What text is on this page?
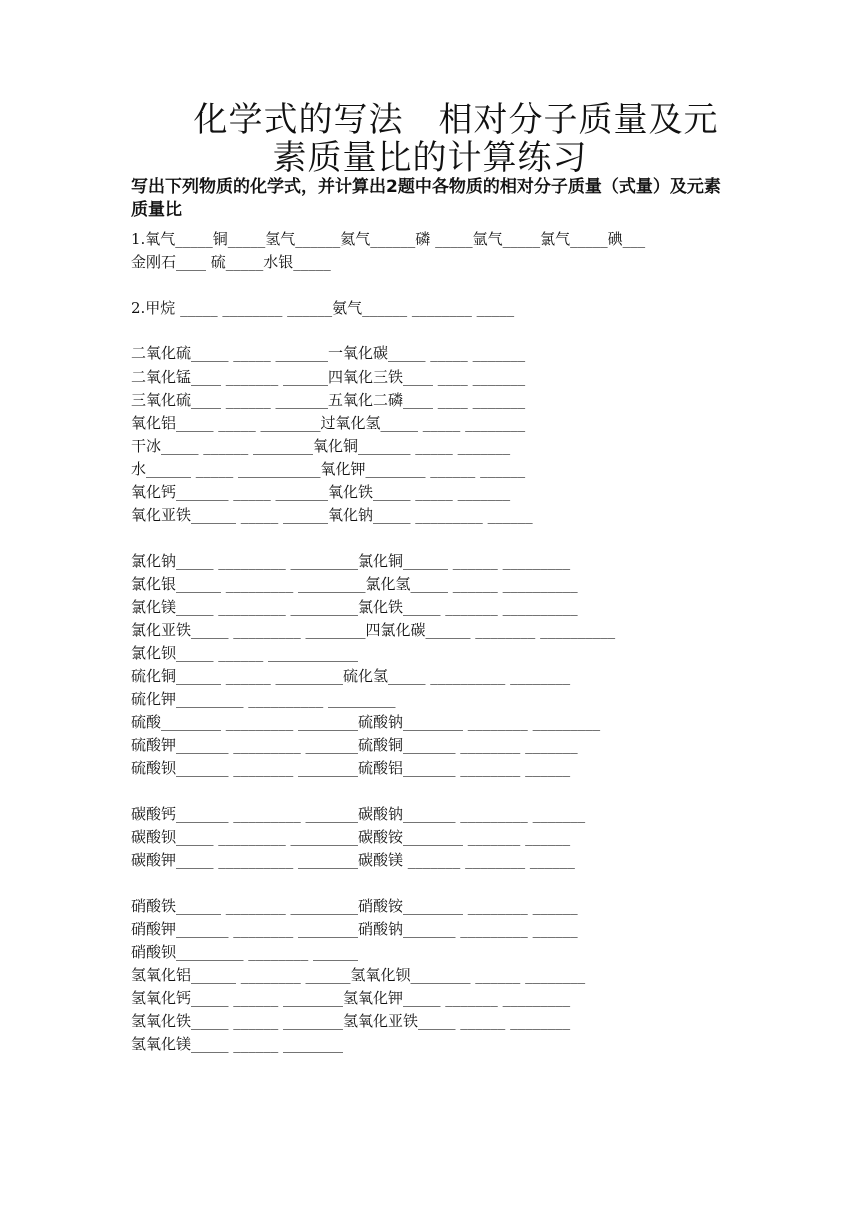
化学式的写法　相对分子质量及元
素质量比的计算练习
写出下列物质的化学式，并计算出2题中各物质的相对分子质量（式量）及元素质量比
1.氧气_____铜_____氢气______氦气______磷 _____氩气_____氯气_____碘___
金刚石____ 硫_____水银_____
2.甲烷 _____ ________ ______氨气______ ________ _____
二氧化硫_____ _____ _______一氧化碳_____ _____ _______
二氧化锰____ _______ ______四氧化三铁____ ____ _______
三氧化硫____ ______ _______五氧化二磷____ ____ _______
氧化铝_____ _____ ________过氧化氢_____ _____ ________
干冰_____ ______ ________氧化铜_______ _____ _______
水______ _____ ___________氧化钾________ ______ ______
氧化钙_______ _____ _______氧化铁_____ _____ _______
氧化亚铁______ _____ ______氧化钠_____ _________ ______
氯化钠_____ _________ _________氯化铜______ ______ _________
氯化银______ _________ _________氯化氢_____ ______ __________
氯化镁_____ _________ _________氯化铁_____ _______ __________
氯化亚铁_____ _________ ________四氯化碳______ ________ __________
氯化钡_____ ______ ____________
硫化铜______ ______ _________硫化氢_____ __________ ________
硫化钾_________ __________ _________
硫酸________ _________ ________硫酸钠________ ________ _________
硫酸钾_______ _________ _______硫酸铜_______ ________ _______
硫酸钡_______ ________ ________硫酸铝_______ ________ ______
碳酸钙_______ _________ _______碳酸钠_______ _________ _______
碳酸钡_____ _________ _________碳酸铵________ _______ ______
碳酸钾_____ __________ ________碳酸镁 _______ ________ ______
硝酸铁______ ________ _________硝酸铵________ ________ ______
硝酸钾_______ ________ ________硝酸钠_______ _________ ______
硝酸钡_________ ________ ______
氢氧化铝______ ________ ______氢氧化钡________ ______ ________
氢氧化钙_____ ______ ________氢氧化钾_____ _______ _________
氢氧化铁_____ ______ ________氢氧化亚铁_____ ______ ________
氢氧化镁_____ ______ ________
